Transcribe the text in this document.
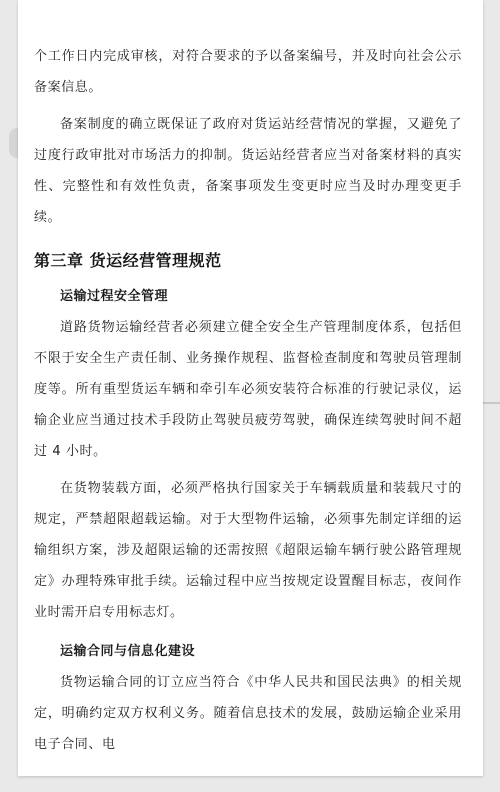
个工作日内完成审核，对符合要求的予以备案编号，并及时向社会公示备案信息。

备案制度的确立既保证了政府对货运站经营情况的掌握，又避免了过度行政审批对市场活力的抑制。货运站经营者应当对备案材料的真实性、完整性和有效性负责，备案事项发生变更时应当及时办理变更手续。

第三章 货运经营管理规范
运输过程安全管理

道路货物运输经营者必须建立健全安全生产管理制度体系，包括但不限于安全生产责任制、业务操作规程、监督检查制度和驾驶员管理制度等。所有重型货运车辆和牵引车必须安装符合标准的行驶记录仪，运输企业应当通过技术手段防止驾驶员疲劳驾驶，确保连续驾驶时间不超过 4 小时。

在货物装载方面，必须严格执行国家关于车辆载质量和装载尺寸的规定，严禁超限超载运输。对于大型物件运输，必须事先制定详细的运输组织方案，涉及超限运输的还需按照《超限运输车辆行驶公路管理规定》办理特殊审批手续。运输过程中应当按规定设置醒目标志，夜间作业时需开启专用标志灯。

运输合同与信息化建设

货物运输合同的订立应当符合《中华人民共和国民法典》的相关规定，明确约定双方权利义务。随着信息技术的发展，鼓励运输企业采用电子合同、电
